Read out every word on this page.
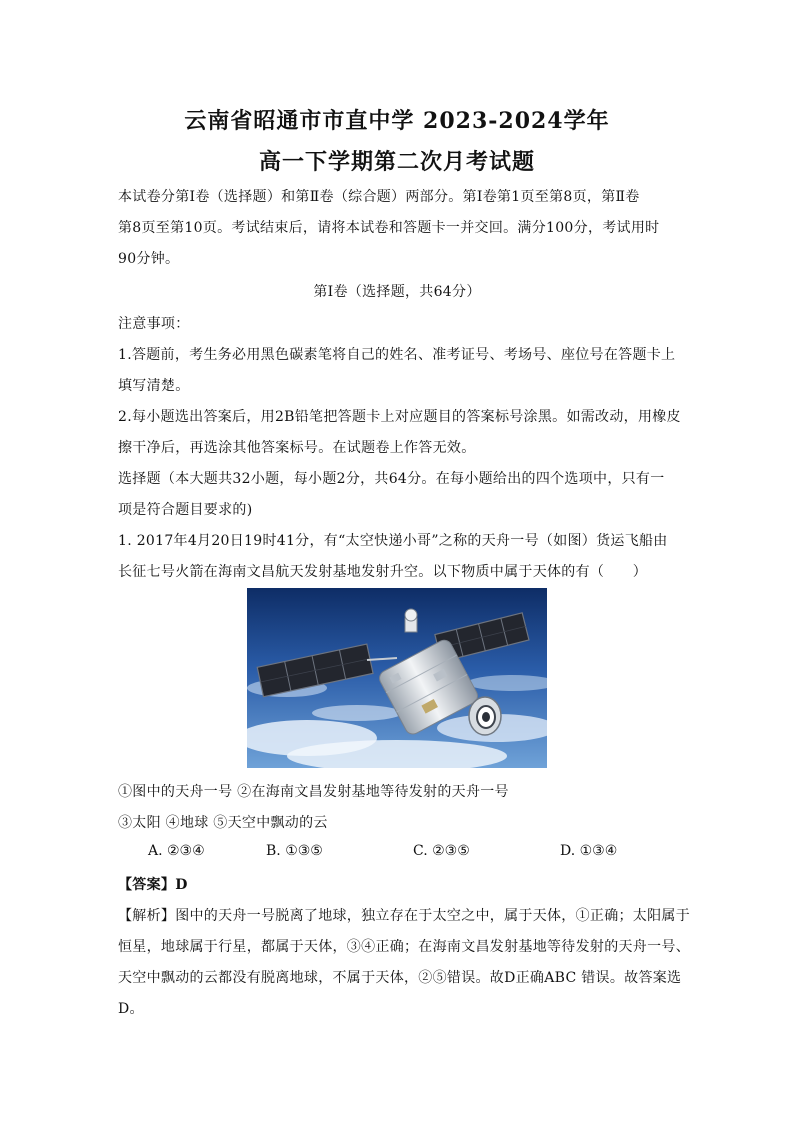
云南省昭通市市直中学 2023-2024学年
高一下学期第二次月考试题
本试卷分第Ⅰ卷（选择题）和第Ⅱ卷（综合题）两部分。第Ⅰ卷第1页至第8页，第Ⅱ卷
第8页至第10页。考试结束后，请将本试卷和答题卡一并交回。满分100分，考试用时
90分钟。
第Ⅰ卷（选择题，共64分）
注意事项：
1.答题前，考生务必用黑色碳素笔将自己的姓名、准考证号、考场号、座位号在答题卡上
填写清楚。
2.每小题选出答案后，用2B铅笔把答题卡上对应题目的答案标号涂黑。如需改动，用橡皮
擦干净后，再选涂其他答案标号。在试题卷上作答无效。
选择题（本大题共32小题，每小题2分，共64分。在每小题给出的四个选项中，只有一
项是符合题目要求的)
1. 2017年4月20日19时41分，有“太空快递小哥”之称的天舟一号（如图）货运飞船由
长征七号火箭在海南文昌航天发射基地发射升空。以下物质中属于天体的有（　　）
①图中的天舟一号 ②在海南文昌发射基地等待发射的天舟一号
③太阳 ④地球 ⑤天空中飘动的云
A. ②③④	B. ①③⑤	C. ②③⑤	D. ①③④
【答案】D
【解析】图中的天舟一号脱离了地球，独立存在于太空之中，属于天体，①正确；太阳属于
恒星，地球属于行星，都属于天体，③④正确；在海南文昌发射基地等待发射的天舟一号、
天空中飘动的云都没有脱离地球，不属于天体，②⑤错误。故D正确ABC 错误。故答案选
D。
